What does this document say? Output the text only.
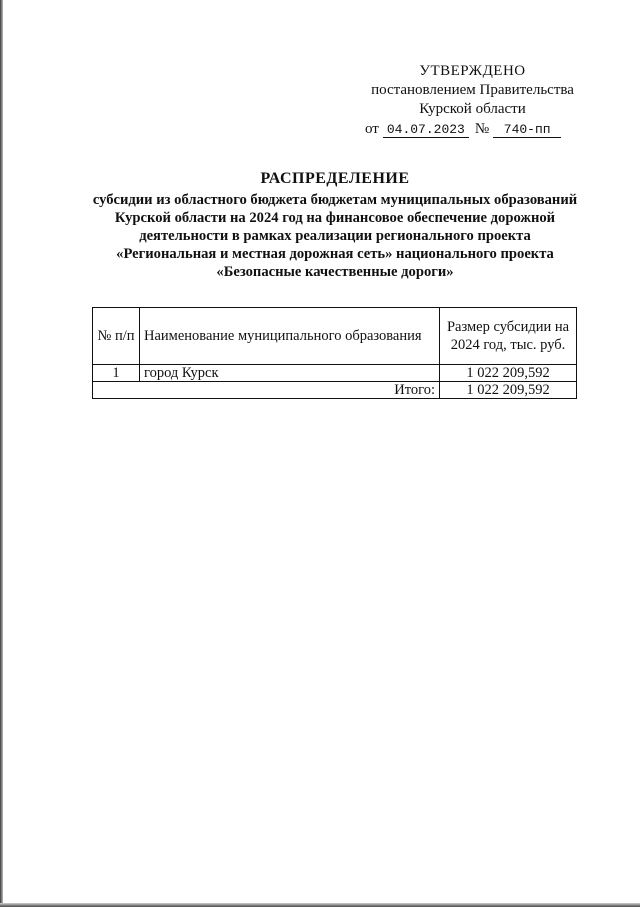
УТВЕРЖДЕНО
постановлением Правительства
Курской области
от 04.07.2023 № 740-пп
РАСПРЕДЕЛЕНИЕ
субсидии из областного бюджета бюджетам муниципальных образований Курской области на 2024 год на финансовое обеспечение дорожной деятельности в рамках реализации регионального проекта «Региональная и местная дорожная сеть» национального проекта «Безопасные качественные дороги»
№ п/п	Наименование муниципального образования	Размер субсидии на 2024 год, тыс. руб.
1	город Курск	1 022 209,592
Итого:		1 022 209,592
